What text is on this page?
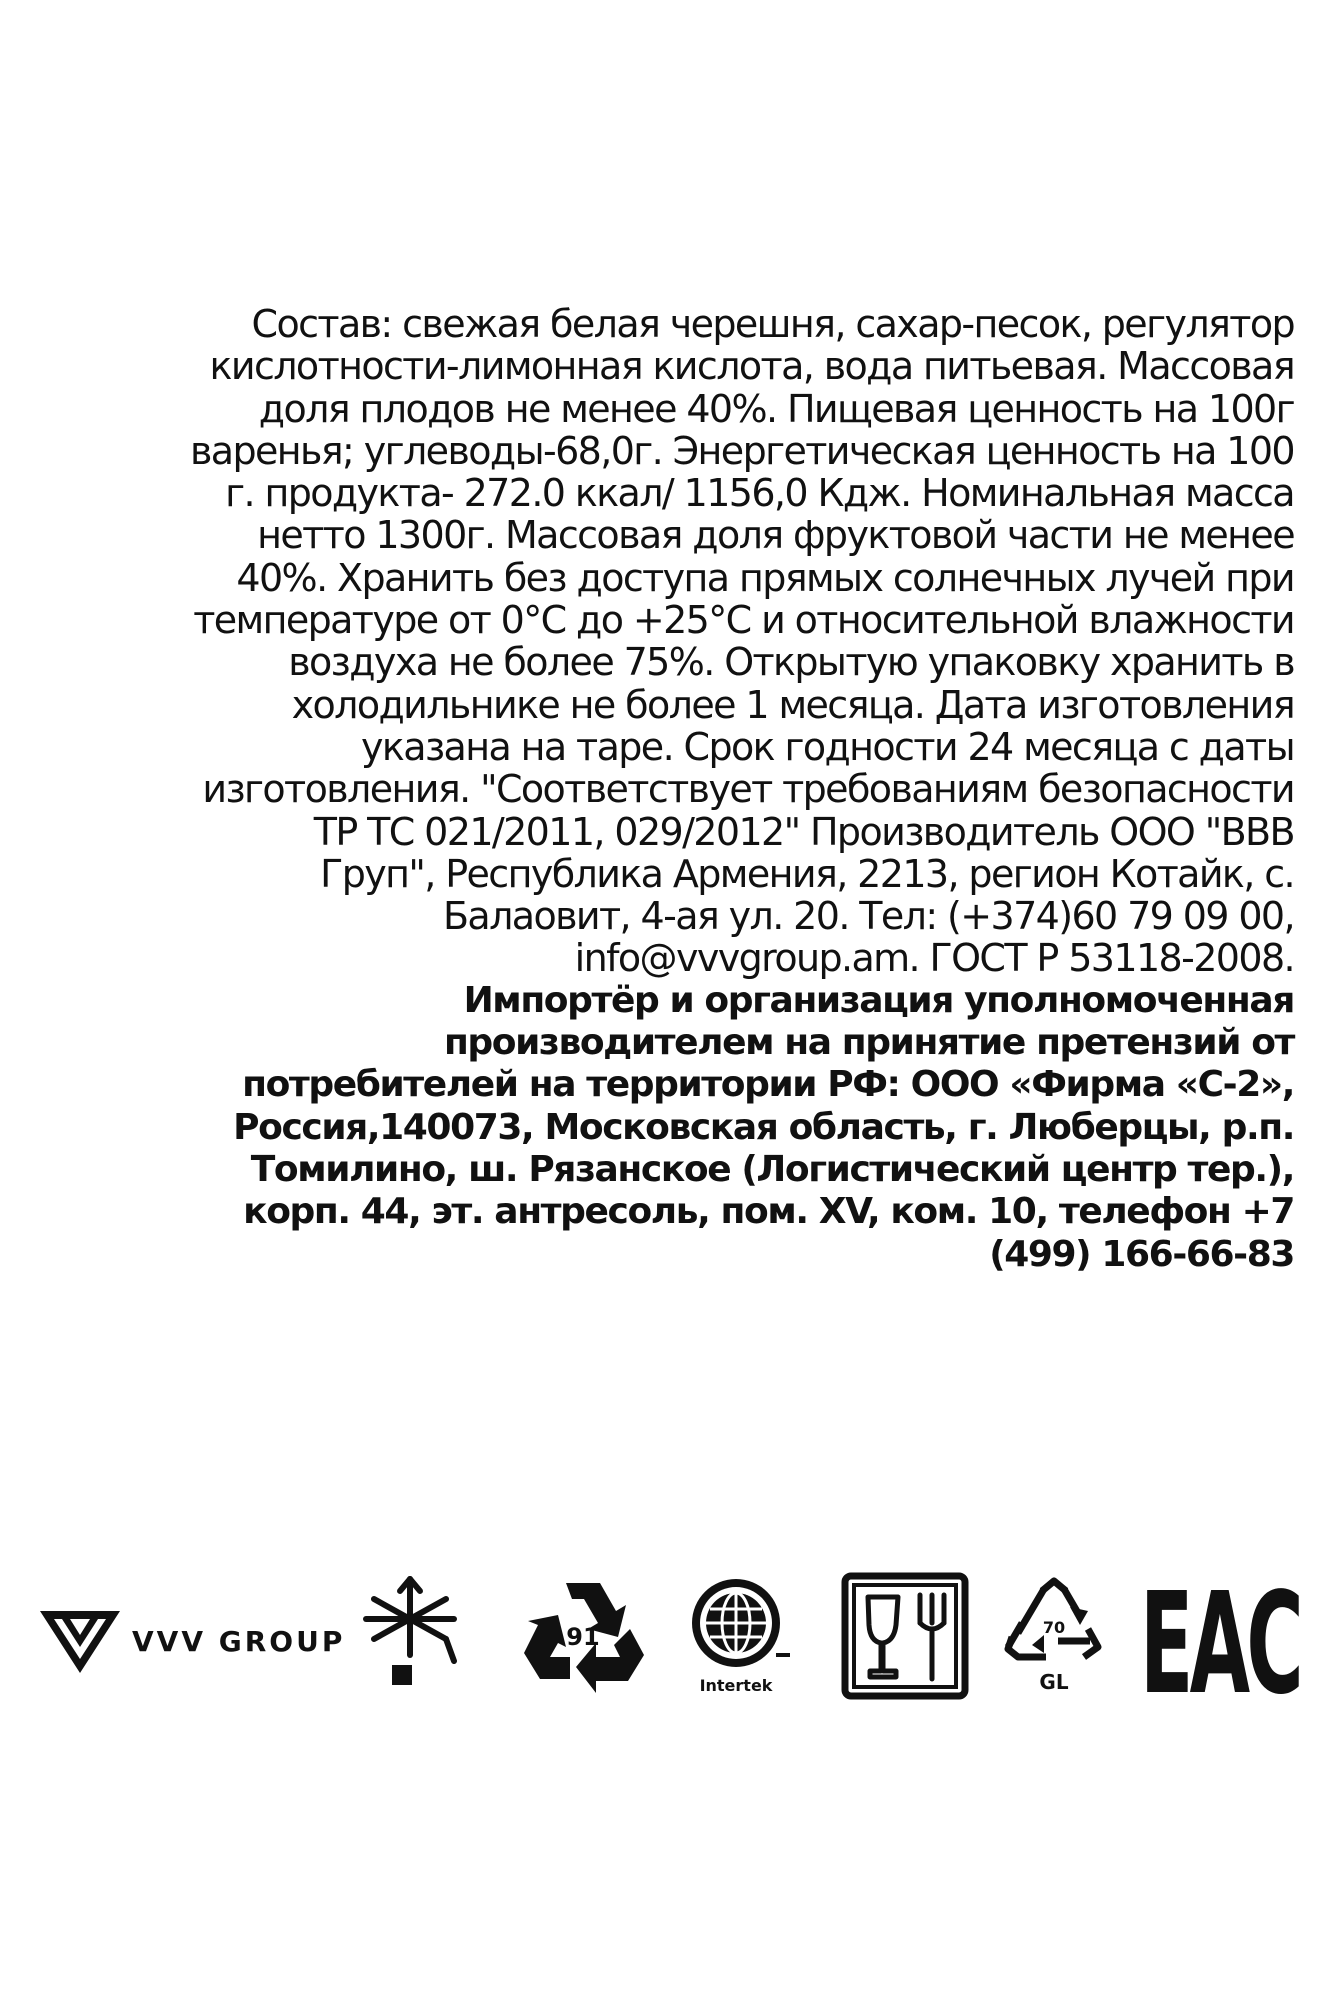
Состав: свежая белая черешня, сахар-песок, регулятор
кислотности-лимонная кислота, вода питьевая. Массовая
доля плодов не менее 40%. Пищевая ценность на 100г
варенья; углеводы-68,0г. Энергетическая ценность на 100
г. продукта- 272.0 ккал/ 1156,0 Кдж. Номинальная масса
нетто 1300г. Массовая доля фруктовой части не менее
40%. Хранить без доступа прямых солнечных лучей при
температуре от 0°С до +25°С и относительной влажности
воздуха не более 75%. Открытую упаковку хранить в
холодильнике не более 1 месяца. Дата изготовления
указана на таре. Срок годности 24 месяца с даты
изготовления. "Соответствует требованиям безопасности
ТР ТС 021/2011, 029/2012" Производитель ООО "ВВВ
Груп", Республика Армения, 2213, регион Котайк, с.
Балаовит, 4-ая ул. 20. Тел: (+374)60 79 09 00,
info@vvvgroup.am. ГОСТ Р 53118-2008.
Импортёр и организация уполномоченная
производителем на принятие претензий от
потребителей на территории РФ: ООО «Фирма «С-2»,
Россия,140073, Московская область, г. Люберцы, р.п.
Томилино, ш. Рязанское (Логистический центр тер.),
корп. 44, эт. антресоль, пом. XV, ком. 10, телефон +7
(499) 166-66-83
VVV GROUP	91
Intertek
70
GL ЕАС
